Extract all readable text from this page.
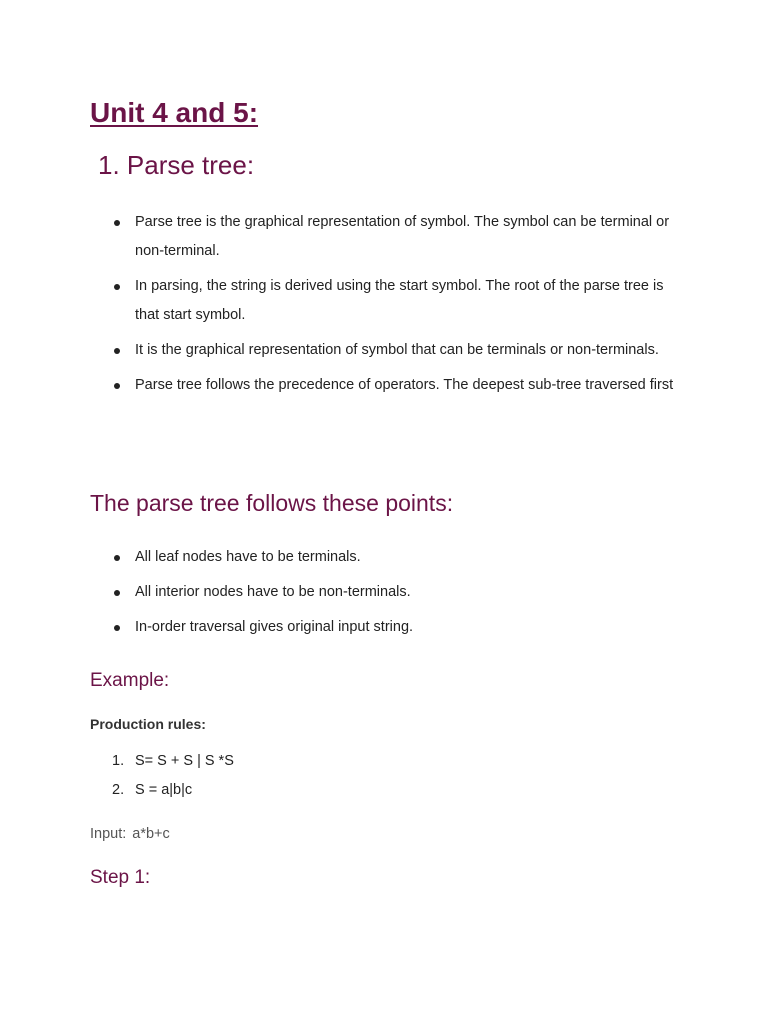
Unit 4 and 5:
1. Parse tree:
Parse tree is the graphical representation of symbol. The symbol can be terminal or non-terminal.
In parsing, the string is derived using the start symbol. The root of the parse tree is that start symbol.
It is the graphical representation of symbol that can be terminals or non-terminals.
Parse tree follows the precedence of operators. The deepest sub-tree traversed first
The parse tree follows these points:
All leaf nodes have to be terminals.
All interior nodes have to be non-terminals.
In-order traversal gives original input string.
Example:

Production rules:

1. S= S + S | S *S
2. S = a|b|c

Input: a*b+c

Step 1:
